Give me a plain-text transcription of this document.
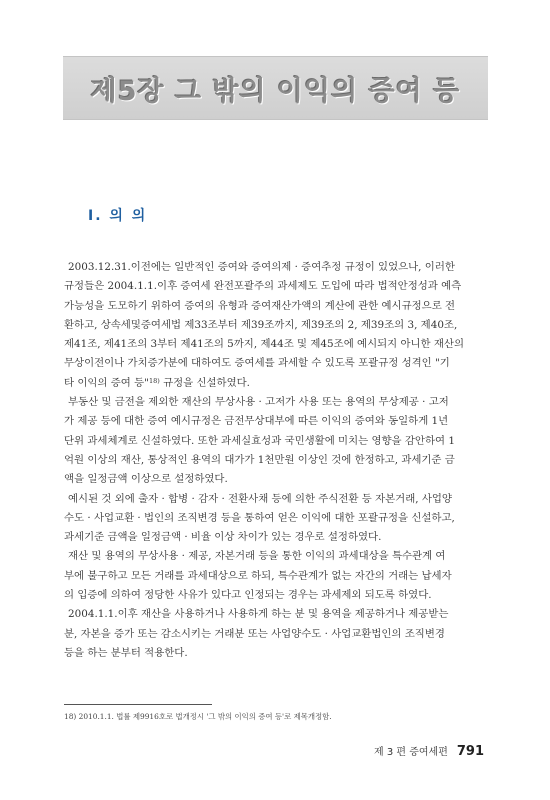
제5장 그 밖의 이익의 증여 등
Ⅰ. 의 의
2003.12.31.이전에는 일반적인 증여와 증여의제 · 증여추정 규정이 있었으나, 이러한
규정들은 2004.1.1.이후 증여세 완전포괄주의 과세제도 도입에 따라 법적안정성과 예측
가능성을 도모하기 위하여 증여의 유형과 증여재산가액의 계산에 관한 예시규정으로 전
환하고, 상속세및증여세법 제33조부터 제39조까지, 제39조의 2, 제39조의 3, 제40조,
제41조, 제41조의 3부터 제41조의 5까지, 제44조 및 제45조에 예시되지 아니한 재산의
무상이전이나 가치증가분에 대하여도 증여세를 과세할 수 있도록 포괄규정 성격인 "기
타 이익의 증여 등"$^{18)}$ 규정을 신설하였다.
부동산 및 금전을 제외한 재산의 무상사용 · 고저가 사용 또는 용역의 무상제공 · 고저
가 제공 등에 대한 증여 예시규정은 금전무상대부에 따른 이익의 증여와 동일하게 1년
단위 과세체계로 신설하였다. 또한 과세실효성과 국민생활에 미치는 영향을 감안하여 1
억원 이상의 재산, 통상적인 용역의 대가가 1천만원 이상인 것에 한정하고, 과세기준 금
액을 일정금액 이상으로 설정하였다.
예시된 것 외에 출자 · 합병 · 감자 · 전환사채 등에 의한 주식전환 등 자본거래, 사업양
수도 · 사업교환 · 법인의 조직변경 등을 통하여 얻은 이익에 대한 포괄규정을 신설하고,
과세기준 금액을 일정금액 · 비율 이상 차이가 있는 경우로 설정하였다.
재산 및 용역의 무상사용 · 제공, 자본거래 등을 통한 이익의 과세대상을 특수관계 여
부에 불구하고 모든 거래를 과세대상으로 하되, 특수관계가 없는 자간의 거래는 납세자
의 입증에 의하여 정당한 사유가 있다고 인정되는 경우는 과세제외 되도록 하였다.
2004.1.1.이후 재산을 사용하거나 사용하게 하는 분 및 용역을 제공하거나 제공받는
분, 자본을 증가 또는 감소시키는 거래분 또는 사업양수도 · 사업교환법인의 조직변경
등을 하는 분부터 적용한다.
18) 2010.1.1. 법률 제9916호로 법개정시 '그 밖의 이익의 증여 등'로 제목개정함.
제 3 편 증여세편 791
